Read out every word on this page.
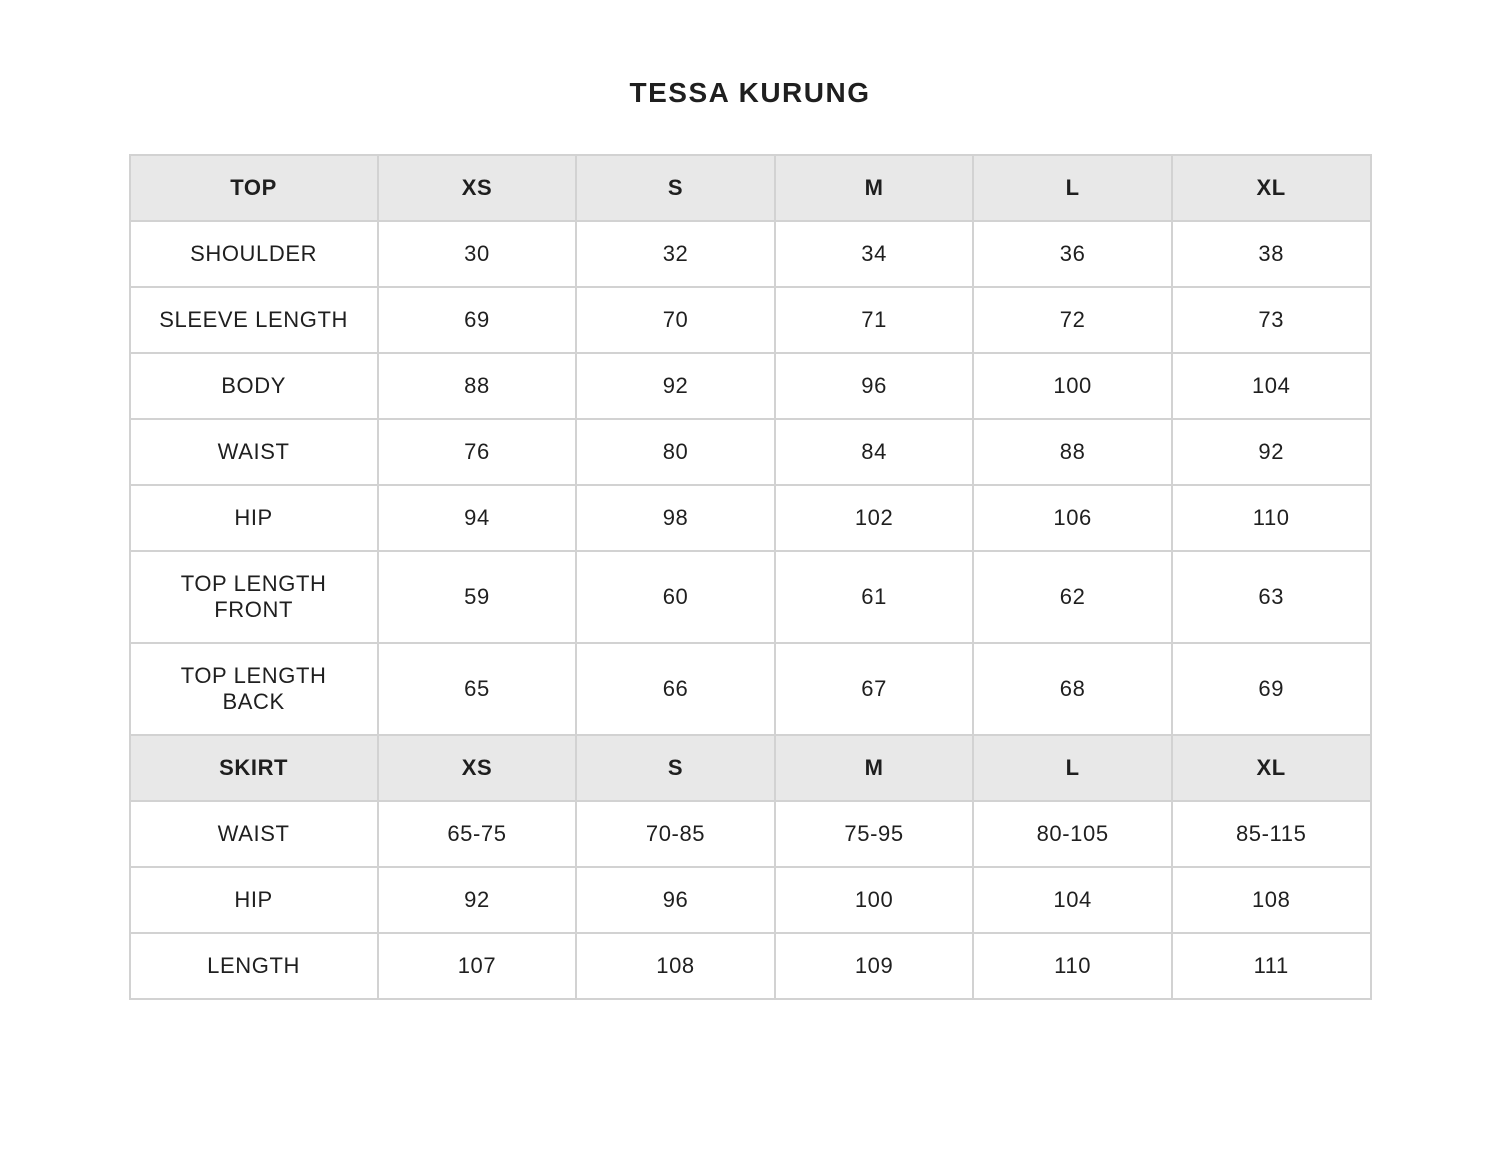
TESSA KURUNG
TOP	XS	S	M	L	XL
SHOULDER	30	32	34	36	38
SLEEVE LENGTH	69	70	71	72	73
BODY	88	92	96	100	104
WAIST	76	80	84	88	92
HIP	94	98	102	106	110
TOP LENGTH FRONT	59	60	61	62	63
TOP LENGTH BACK	65	66	67	68	69
SKIRT	XS	S	M	L	XL
WAIST	65-75	70-85	75-95	80-105	85-115
HIP	92	96	100	104	108
LENGTH	107	108	109	110	111
